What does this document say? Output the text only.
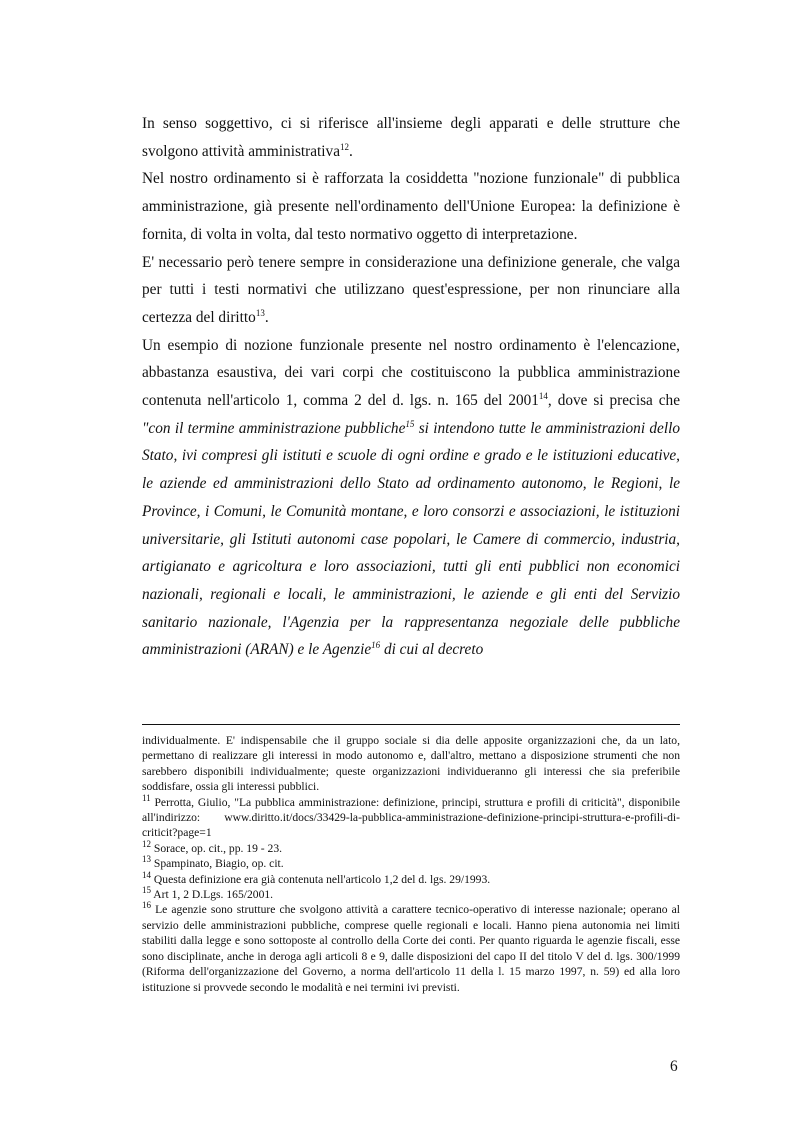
In senso soggettivo, ci si riferisce all'insieme degli apparati e delle strutture che svolgono attività amministrativa$^{12}$.

Nel nostro ordinamento si è rafforzata la cosiddetta "nozione funzionale" di pubblica amministrazione, già presente nell'ordinamento dell'Unione Europea: la definizione è fornita, di volta in volta, dal testo normativo oggetto di interpretazione.

E' necessario però tenere sempre in considerazione una definizione generale, che valga per tutti i testi normativi che utilizzano quest'espressione, per non rinunciare alla certezza del diritto$^{13}$.

Un esempio di nozione funzionale presente nel nostro ordinamento è l'elencazione, abbastanza esaustiva, dei vari corpi che costituiscono la pubblica amministrazione contenuta nell'articolo 1, comma 2 del d. lgs. n. 165 del 2001$^{14}$, dove si precisa che "con il termine amministrazione pubbliche$^{15}$ si intendono tutte le amministrazioni dello Stato, ivi compresi gli istituti e scuole di ogni ordine e grado e le istituzioni educative, le aziende ed amministrazioni dello Stato ad ordinamento autonomo, le Regioni, le Province, i Comuni, le Comunità montane, e loro consorzi e associazioni, le istituzioni universitarie, gli Istituti autonomi case popolari, le Camere di commercio, industria, artigianato e agricoltura e loro associazioni, tutti gli enti pubblici non economici nazionali, regionali e locali, le amministrazioni, le aziende e gli enti del Servizio sanitario nazionale, l'Agenzia per la rappresentanza negoziale delle pubbliche amministrazioni (ARAN) e le Agenzie$^{16}$ di cui al decreto

individualmente. E' indispensabile che il gruppo sociale si dia delle apposite organizzazioni che, da un lato, permettano di realizzare gli interessi in modo autonomo e, dall'altro, mettano a disposizione strumenti che non sarebbero disponibili individualmente; queste organizzazioni individueranno gli interessi che sia preferibile soddisfare, ossia gli interessi pubblici.

$^{11}$ Perrotta, Giulio, "La pubblica amministrazione: definizione, principi, struttura e profili di criticità", disponibile all'indirizzo: www.diritto.it/docs/33429-la-pubblica-amministrazione-definizione-principi-struttura-e-profili-di-criticit?page=1

$^{12}$ Sorace, op. cit., pp. 19 - 23.

$^{13}$ Spampinato, Biagio, op. cit.

$^{14}$ Questa definizione era già contenuta nell'articolo 1,2 del d. lgs. 29/1993.

$^{15}$ Art 1, 2 D.Lgs. 165/2001.

$^{16}$ Le agenzie sono strutture che svolgono attività a carattere tecnico-operativo di interesse nazionale; operano al servizio delle amministrazioni pubbliche, comprese quelle regionali e locali. Hanno piena autonomia nei limiti stabiliti dalla legge e sono sottoposte al controllo della Corte dei conti. Per quanto riguarda le agenzie fiscali, esse sono disciplinate, anche in deroga agli articoli 8 e 9, dalle disposizioni del capo II del titolo V del d. lgs. 300/1999 (Riforma dell'organizzazione del Governo, a norma dell'articolo 11 della l. 15 marzo 1997, n. 59) ed alla loro istituzione si provvede secondo le modalità e nei termini ivi previsti.

6
